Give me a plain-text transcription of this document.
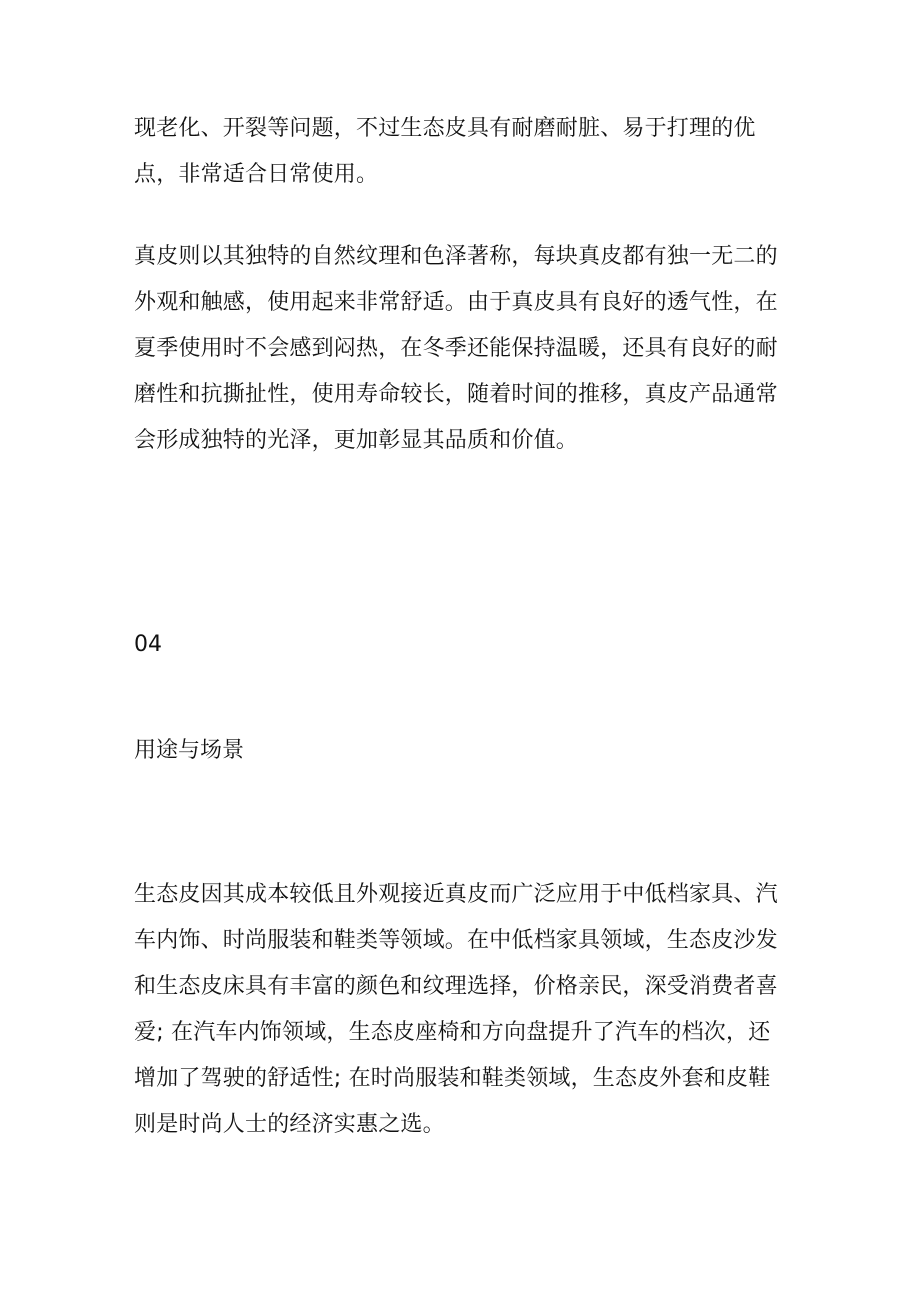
现老化、开裂等问题，不过生态皮具有耐磨耐脏、易于打理的优
点，非常适合日常使用。

真皮则以其独特的自然纹理和色泽著称，每块真皮都有独一无二的
外观和触感，使用起来非常舒适。由于真皮具有良好的透气性，在
夏季使用时不会感到闷热，在冬季还能保持温暖，还具有良好的耐
磨性和抗撕扯性，使用寿命较长，随着时间的推移，真皮产品通常
会形成独特的光泽，更加彰显其品质和价值。

04
用途与场景

生态皮因其成本较低且外观接近真皮而广泛应用于中低档家具、汽
车内饰、时尚服装和鞋类等领域。在中低档家具领域，生态皮沙发
和生态皮床具有丰富的颜色和纹理选择，价格亲民，深受消费者喜
爱; 在汽车内饰领域，生态皮座椅和方向盘提升了汽车的档次，还
增加了驾驶的舒适性; 在时尚服装和鞋类领域，生态皮外套和皮鞋
则是时尚人士的经济实惠之选。
